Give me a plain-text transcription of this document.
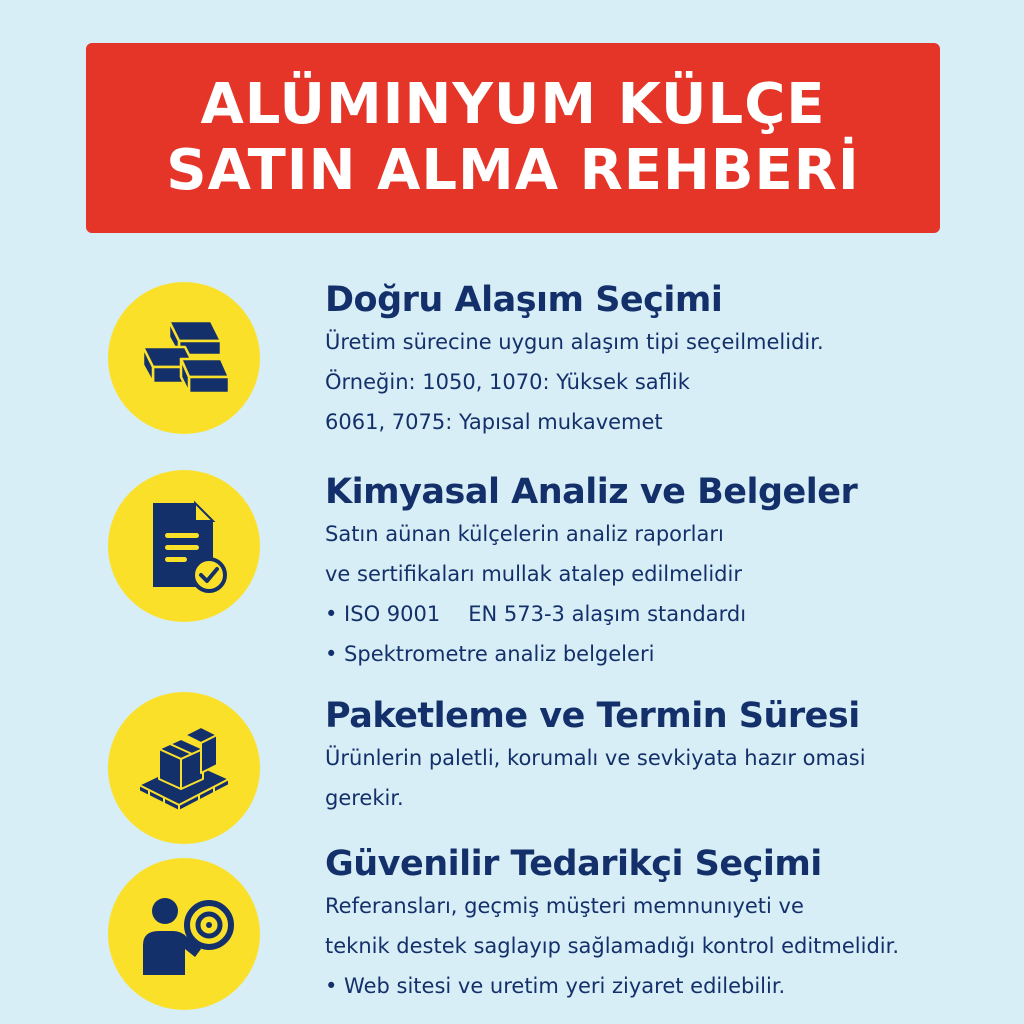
ALÜMINYUM KÜLÇE
SATIN ALMA REHBERİ
Doğru Alaşım Seçimi
Üretim sürecine uygun alaşım tipi seçeilmelidir.
Örneğin: 1050, 1070: Yüksek saflik
6061, 7075: Yapısal mukavemet
Kimyasal Analiz ve Belgeler
Satın aünan külçelerin analiz raporları
ve sertifikaları mullak atalep edilmelidir
• ISO 9001 EN 573-3 alaşım standardı
• Spektrometre analiz belgeleri
Paketleme ve Termin Süresi
Ürünlerin paletli, korumalı ve sevkiyata hazır omasi
gerekir.
Güvenilir Tedarikçi Seçimi
Referansları, geçmiş müşteri memnunıyeti ve
teknik destek saglayıp sağlamadığı kontrol editmelidir.
• Web sitesi ve uretim yeri ziyaret edilebilir.
